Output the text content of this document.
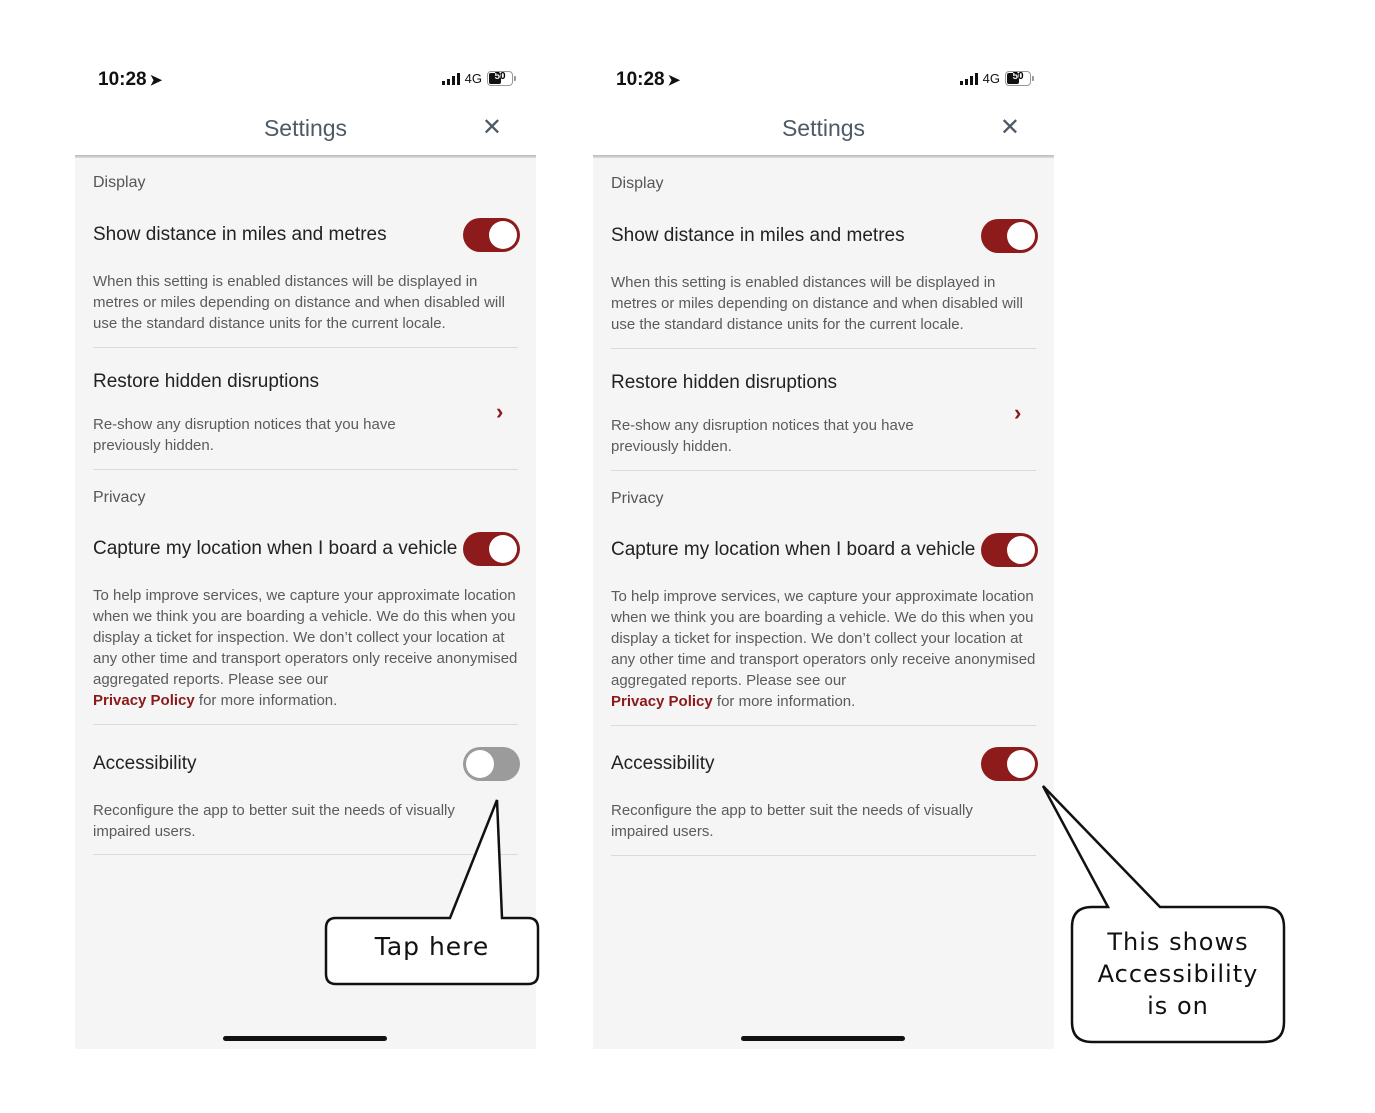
10:28 ➤	4G	50
Settings	✕
Display
Show distance in miles and metres
When this setting is enabled distances will be displayed in metres or miles depending on distance and when disabled will use the standard distance units for the current locale.
Restore hidden disruptions
›
Re-show any disruption notices that you have previously hidden.
Privacy
Capture my location when I board a vehicle
To help improve services, we capture your approximate location when we think you are boarding a vehicle. We do this when you display a ticket for inspection. We don’t collect your location at any other time and transport operators only receive anonymised aggregated reports. Please see our
Privacy Policy for more information.
Accessibility
Reconfigure the app to better suit the needs of visually impaired users.
10:28 ➤	4G	50
Settings	✕
Display
Show distance in miles and metres
When this setting is enabled distances will be displayed in metres or miles depending on distance and when disabled will use the standard distance units for the current locale.
Restore hidden disruptions
›
Re-show any disruption notices that you have previously hidden.
Privacy
Capture my location when I board a vehicle
To help improve services, we capture your approximate location when we think you are boarding a vehicle. We do this when you display a ticket for inspection. We don’t collect your location at any other time and transport operators only receive anonymised aggregated reports. Please see our
Privacy Policy for more information.
Accessibility
Reconfigure the app to better suit the needs of visually impaired users.
Tap here	This shows
Accessibility
is on
